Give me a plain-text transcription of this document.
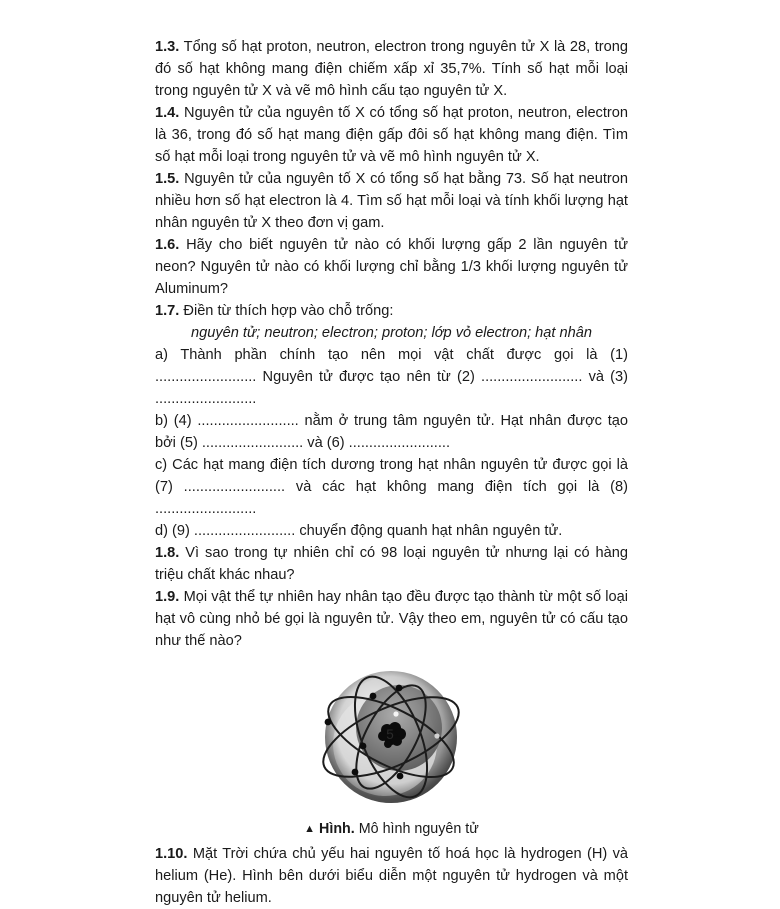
1.3. Tổng số hạt proton, neutron, electron trong nguyên tử X là 28, trong đó số hạt không mang điện chiếm xấp xỉ 35,7%. Tính số hạt mỗi loại trong nguyên tử X và vẽ mô hình cấu tạo nguyên tử X.

1.4. Nguyên tử của nguyên tố X có tổng số hạt proton, neutron, electron là 36, trong đó số hạt mang điện gấp đôi số hạt không mang điện. Tìm số hạt mỗi loại trong nguyên tử và vẽ mô hình nguyên tử X.

1.5. Nguyên tử của nguyên tố X có tổng số hạt bằng 73. Số hạt neutron nhiều hơn số hạt electron là 4. Tìm số hạt mỗi loại và tính khối lượng hạt nhân nguyên tử X theo đơn vị gam.

1.6. Hãy cho biết nguyên tử nào có khối lượng gấp 2 lần nguyên tử neon? Nguyên tử nào có khối lượng chỉ bằng 1/3 khối lượng nguyên tử Aluminum?

1.7. Điền từ thích hợp vào chỗ trống:

nguyên tử; neutron; electron; proton; lớp vỏ electron; hạt nhân

a) Thành phần chính tạo nên mọi vật chất được gọi là (1) ......................... Nguyên tử được tạo nên từ (2) ......................... và (3) .........................

b) (4) ......................... nằm ở trung tâm nguyên tử. Hạt nhân được tạo bởi (5) ......................... và (6) .........................

c) Các hạt mang điện tích dương trong hạt nhân nguyên tử được gọi là (7) ......................... và các hạt không mang điện tích gọi là (8) .........................

d) (9) ......................... chuyển động quanh hạt nhân nguyên tử.

1.8. Vì sao trong tự nhiên chỉ có 98 loại nguyên tử nhưng lại có hàng triệu chất khác nhau?

1.9. Mọi vật thể tự nhiên hay nhân tạo đều được tạo thành từ một số loại hạt vô cùng nhỏ bé gọi là nguyên tử. Vậy theo em, nguyên tử có cấu tạo như thế nào?

▲ Hình. Mô hình nguyên tử

1.10. Mặt Trời chứa chủ yếu hai nguyên tố hoá học là hydrogen (H) và helium (He). Hình bên dưới biểu diễn một nguyên tử hydrogen và một nguyên tử helium.

5
